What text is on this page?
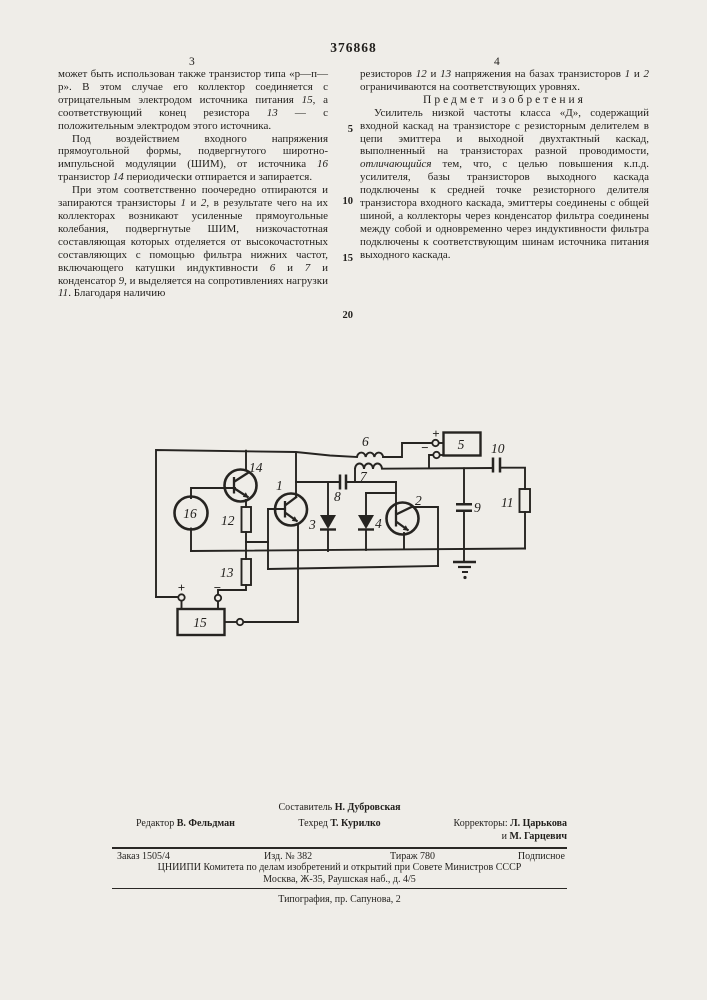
376868
3	4

может быть использован также транзистор типа «р—п—р». В этом случае его коллектор соединяется с отрицательным электродом источника питания 15, а соответствующий конец резистора 13 — с положительным электродом этого источника.

Под воздействием входного напряжения прямоугольной формы, подвергнутого широтно-импульсной модуляции (ШИМ), от источника 16 транзистор 14 периодически отпирается и запирается.

При этом соответственно поочередно отпираются и запираются транзисторы 1 и 2, в результате чего на их коллекторах возникают усиленные прямоугольные колебания, подвергнутые ШИМ, низкочастотная составляющая которых отделяется от высокочастотных составляющих с помощью фильтра нижних частот, включающего катушки индуктивности 6 и 7 и конденсатор 9, и выделяется на сопротивлениях нагрузки 11. Благодаря наличию

резисторов 12 и 13 напряжения на базах транзисторов 1 и 2 ограничиваются на соответствующих уровнях.

Предмет изобретения

Усилитель низкой частоты класса «Д», содержащий входной каскад на транзисторе с резисторным делителем в цепи эмиттера и выходной двухтактный каскад, выполненный на транзисторах разной проводимости, отличающийся тем, что, с целью повышения к.п.д. усилителя, базы транзисторов выходного каскада подключены к средней точке резисторного делителя транзистора входного каскада, эмиттеры соединены с общей шиной, а коллекторы через конденсатор фильтра соединены между собой и одновременно через индуктивности фильтра подключены к соответствующим шинам источника питания выходного каскада.

5
10
15
20
14
1
2
3	4
5
6
7
8
9
10
11
12
13
15
16
+ −
+
−
Составитель Н. Дубровская
Редактор В. Фельдман	Техред Т. Курилко	Корректоры: Л. Царькова
и М. Гарцевич
Заказ 1505/4	Изд. № 382	Тираж 780	Подписное
ЦНИИПИ Комитета по делам изобретений и открытий при Совете Министров СССР
Москва, Ж-35, Раушская наб., д. 4/5
Типография, пр. Сапунова, 2
